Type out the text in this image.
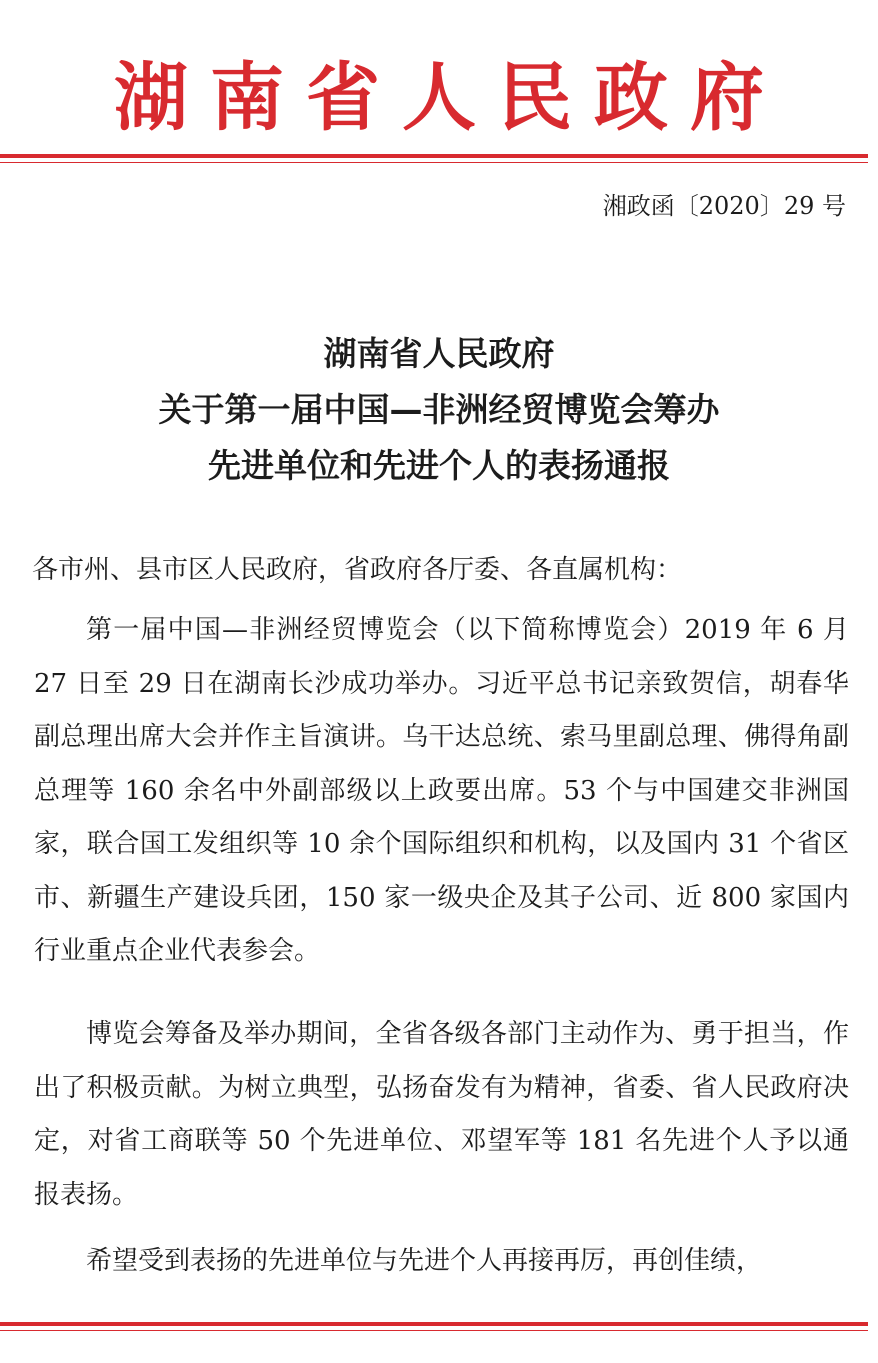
湖南省人民政府
湘政函〔2020〕29 号
湖南省人民政府
关于第一届中国—非洲经贸博览会筹办
先进单位和先进个人的表扬通报
各市州、县市区人民政府，省政府各厅委、各直属机构：

第一届中国—非洲经贸博览会（以下简称博览会）2019 年 6 月 27 日至 29 日在湖南长沙成功举办。习近平总书记亲致贺信，胡春华副总理出席大会并作主旨演讲。乌干达总统、索马里副总理、佛得角副总理等 160 余名中外副部级以上政要出席。53 个与中国建交非洲国家，联合国工发组织等 10 余个国际组织和机构，以及国内 31 个省区市、新疆生产建设兵团，150 家一级央企及其子公司、近 800 家国内行业重点企业代表参会。

博览会筹备及举办期间，全省各级各部门主动作为、勇于担当，作出了积极贡献。为树立典型，弘扬奋发有为精神，省委、省人民政府决定，对省工商联等 50 个先进单位、邓望军等 181 名先进个人予以通报表扬。

希望受到表扬的先进单位与先进个人再接再厉，再创佳绩，
